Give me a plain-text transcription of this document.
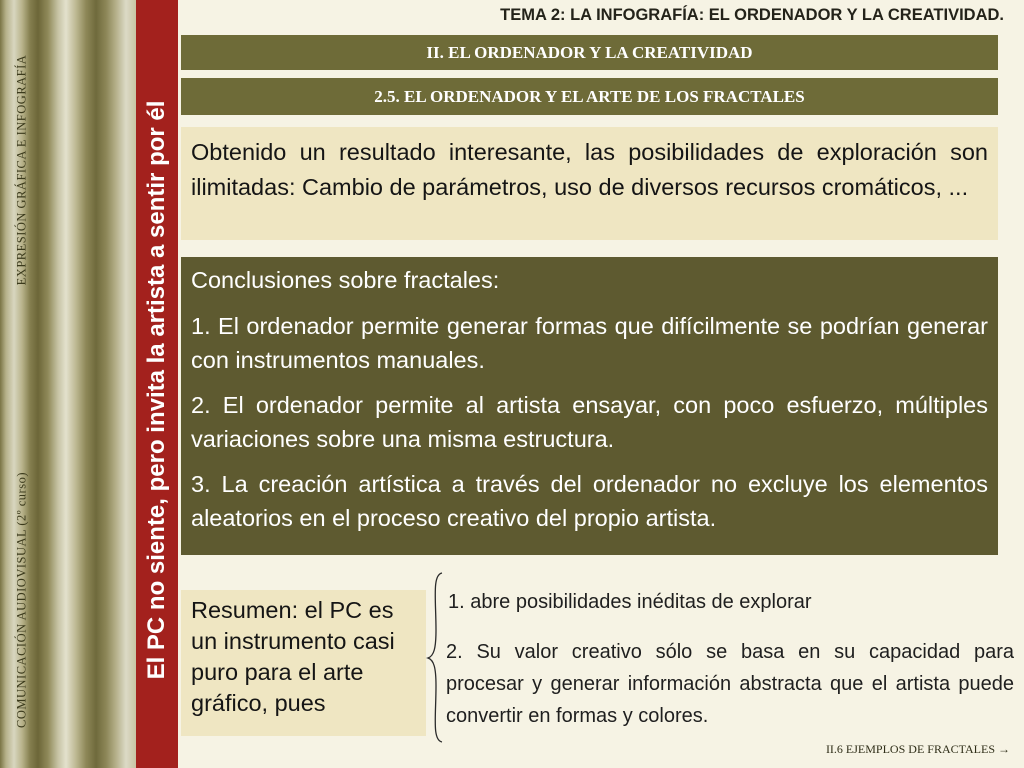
COMUNICACIÓN AUDIOVISUAL (2º curso)
EXPRESIÓN GRÁFICA E INFOGRAFÍA	El PC no siente, pero invita la artista a sentir por él
TEMA 2: LA INFOGRAFÍA: EL ORDENADOR Y LA CREATIVIDAD.
II. EL ORDENADOR Y LA CREATIVIDAD
2.5. EL ORDENADOR Y EL ARTE DE LOS FRACTALES
Obtenido un resultado interesante, las posibilidades de exploración son ilimitadas: Cambio de parámetros, uso de diversos recursos cromáticos, ...

Conclusiones sobre fractales:

1. El ordenador permite generar formas que difícilmente se podrían generar con instrumentos manuales.

2. El ordenador permite al artista ensayar, con poco esfuerzo, múltiples variaciones sobre una misma estructura.

3. La creación artística a través del ordenador no excluye los elementos aleatorios en el proceso creativo del propio artista.

Resumen: el PC es un instrumento casi puro para el arte gráfico, pues
1. abre posibilidades inéditas de explorar
2. Su valor creativo sólo se basa en su capacidad para procesar y generar información abstracta que el artista puede convertir en formas y colores.
II.6 EJEMPLOS DE FRACTALES →
